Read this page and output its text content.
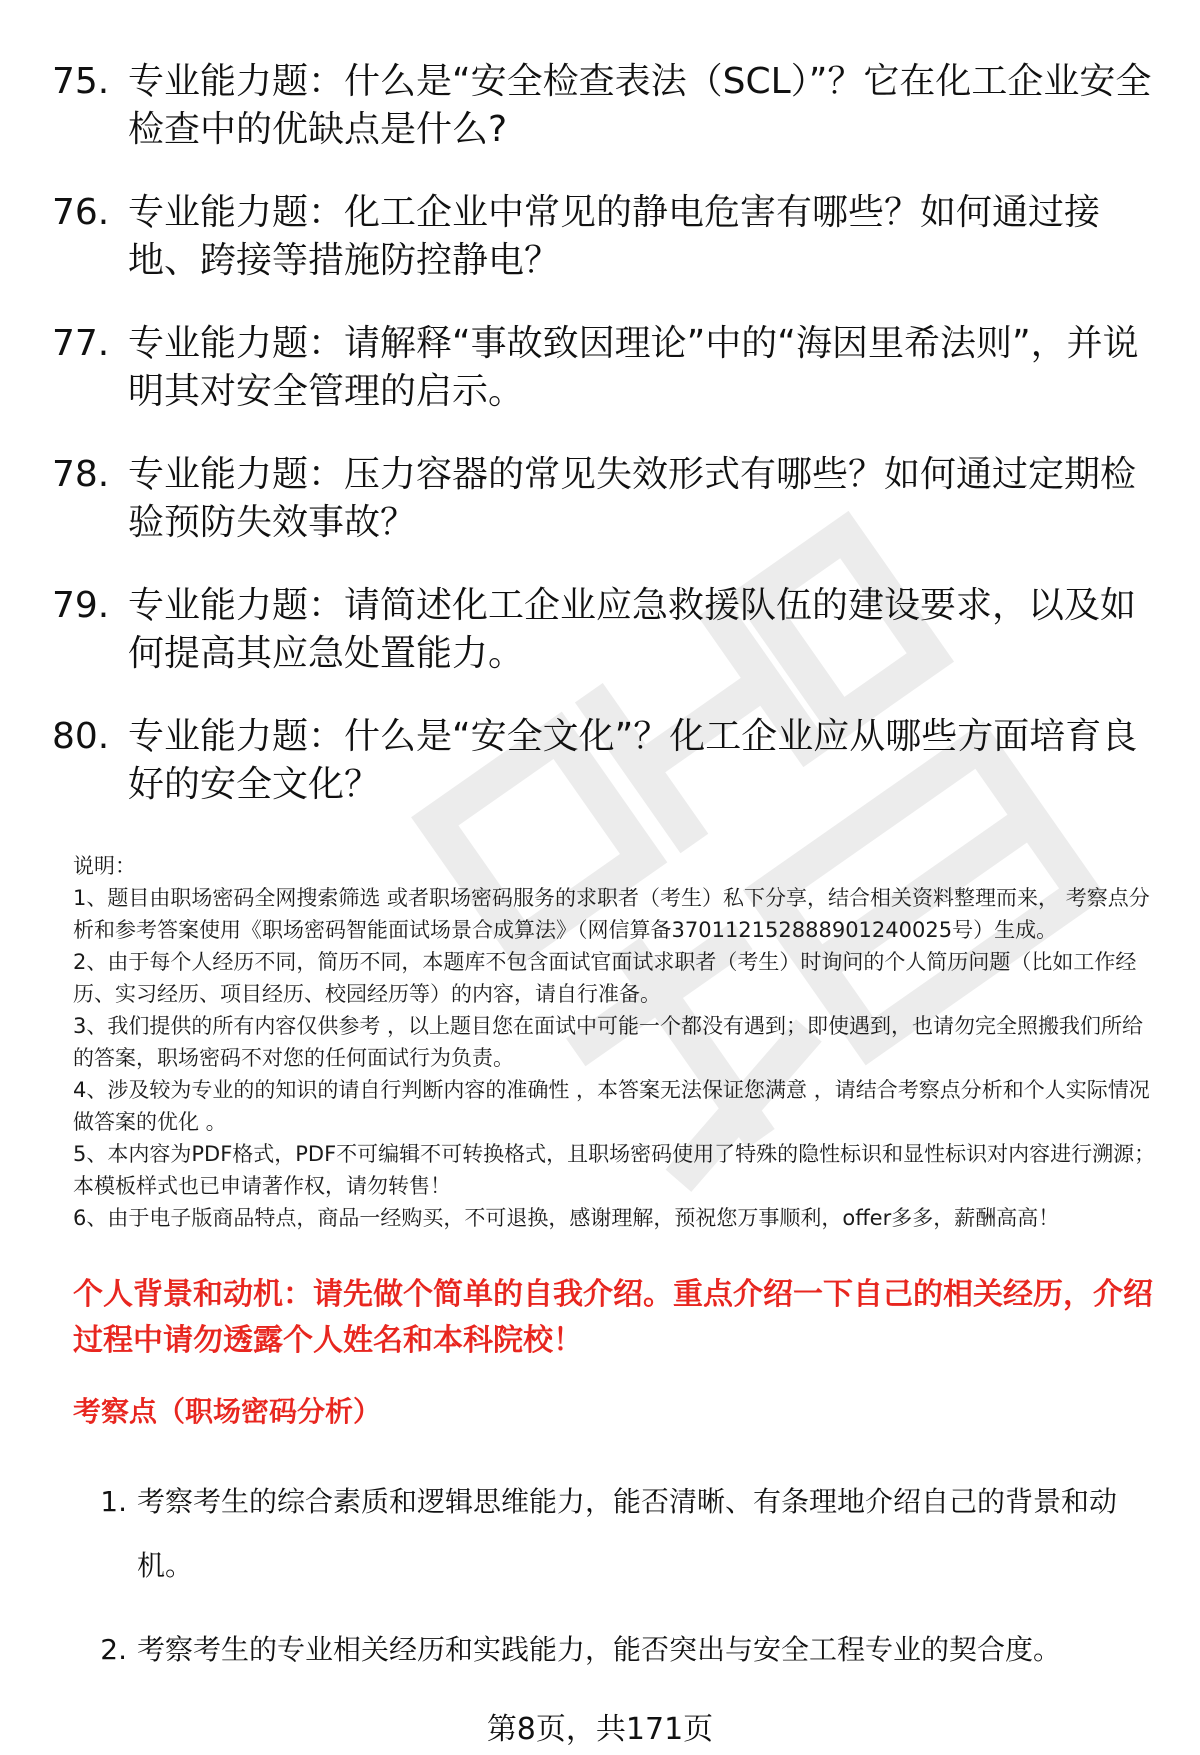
75. 专业能力题：什么是“安全检查表法（SCL）”？它在化工企业安全检查中的优缺点是什么?
76. 专业能力题：化工企业中常见的静电危害有哪些？如何通过接地、跨接等措施防控静电？
77. 专业能力题：请解释“事故致因理论”中的“海因里希法则”，并说明其对安全管理的启示。
78. 专业能力题：压力容器的常见失效形式有哪些？如何通过定期检验预防失效事故？
79. 专业能力题：请简述化工企业应急救援队伍的建设要求，以及如何提高其应急处置能力。
80. 专业能力题：什么是“安全文化”？化工企业应从哪些方面培育良好的安全文化？

说明：

1、题目由职场密码全网搜索筛选 或者职场密码服务的求职者（考生）私下分享，结合相关资料整理而来， 考察点分析和参考答案使用《职场密码智能面试场景合成算法》（网信算备370112152888901240025号）生成。

2、由于每个人经历不同，简历不同，本题库不包含面试官面试求职者（考生）时询问的个人简历问题（比如工作经历、实习经历、项目经历、校园经历等）的内容，请自行准备。

3、我们提供的所有内容仅供参考 ，以上题目您在面试中可能一个都没有遇到；即使遇到，也请勿完全照搬我们所给的答案，职场密码不对您的任何面试行为负责。

4、涉及较为专业的的知识的请自行判断内容的准确性 ，本答案无法保证您满意 ，请结合考察点分析和个人实际情况做答案的优化 。

5、本内容为PDF格式，PDF不可编辑不可转换格式，且职场密码使用了特殊的隐性标识和显性标识对内容进行溯源；本模板样式也已申请著作权，请勿转售！

6、由于电子版商品特点，商品一经购买，不可退换，感谢理解，预祝您万事顺利，offer多多，薪酬高高！

个人背景和动机：请先做个简单的自我介绍。重点介绍一下自己的相关经历，介绍过程中请勿透露个人姓名和本科院校！

考察点（职场密码分析）

1. 考察考生的综合素质和逻辑思维能力，能否清晰、有条理地介绍自己的背景和动机。
2. 考察考生的专业相关经历和实践能力，能否突出与安全工程专业的契合度。
第8页，共171页
